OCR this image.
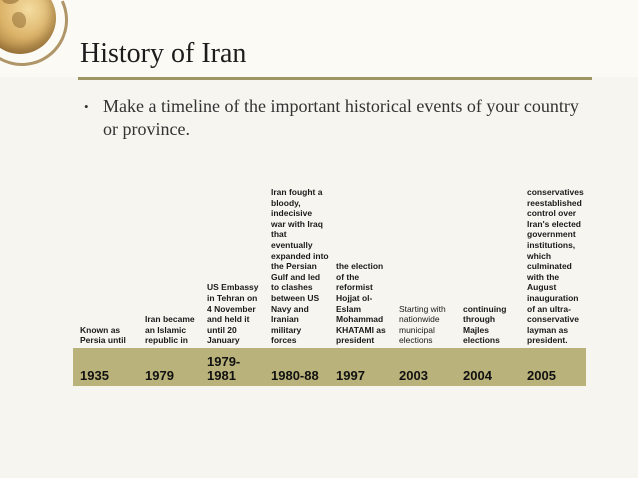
History of Iran
• Make a timeline of the important historical events of your country or province.

Known as Persia until	Iran became an Islamic republic in	US Embassy in Tehran on 4 November and held it until 20 January	Iran fought a bloody, indecisive war with Iraq that eventually expanded into the Persian Gulf and led to clashes between US Navy and Iranian military forces	the election of the reformist Hojjat ol-Eslam Mohammad KHATAMI as president	Starting with nationwide municipal elections	continuing through Majles elections	conservatives reestablished control over Iran's elected government institutions, which culminated with the August inauguration of an ultra-conservative layman as president.

1935	1979	1979-1981	1980-88	1997	2003	2004	2005
